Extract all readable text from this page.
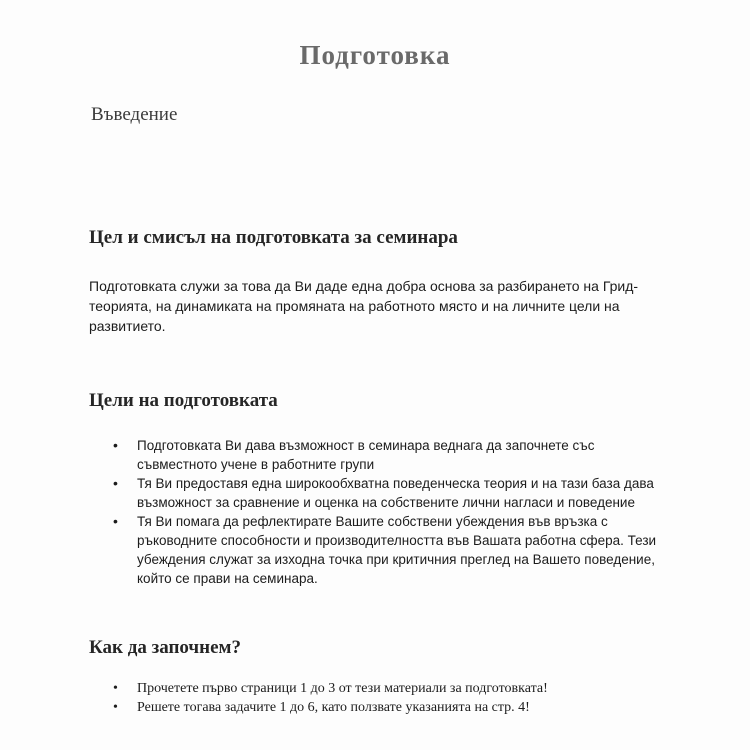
Подготовка
Въведение
Цел и смисъл на подготовката за семинара
Подготовката служи за това да Ви даде една добра основа за разбирането на Грид-
теорията, на динамиката на промяната на работното място и на личните цели на
развитието.
Цели на подготовката
• Подготовката Ви дава възможност в семинара веднага да започнете със
съвместното учене в работните групи
• Тя Ви предоставя една широкообхватна поведенческа теория и на тази база дава
възможност за сравнение и оценка на собствените лични нагласи и поведение
• Тя Ви помага да рефлектирате Вашите собствени убеждения във връзка с
ръководните способности и производителността във Вашата работна сфера. Тези
убеждения служат за изходна точка при критичния преглед на Вашето поведение,
който се прави на семинара.
Как да започнем?
• Прочетете първо страници 1 до 3 от тези материали за подготовката!
• Решете тогава задачите 1 до 6, като ползвате указанията на стр. 4!
